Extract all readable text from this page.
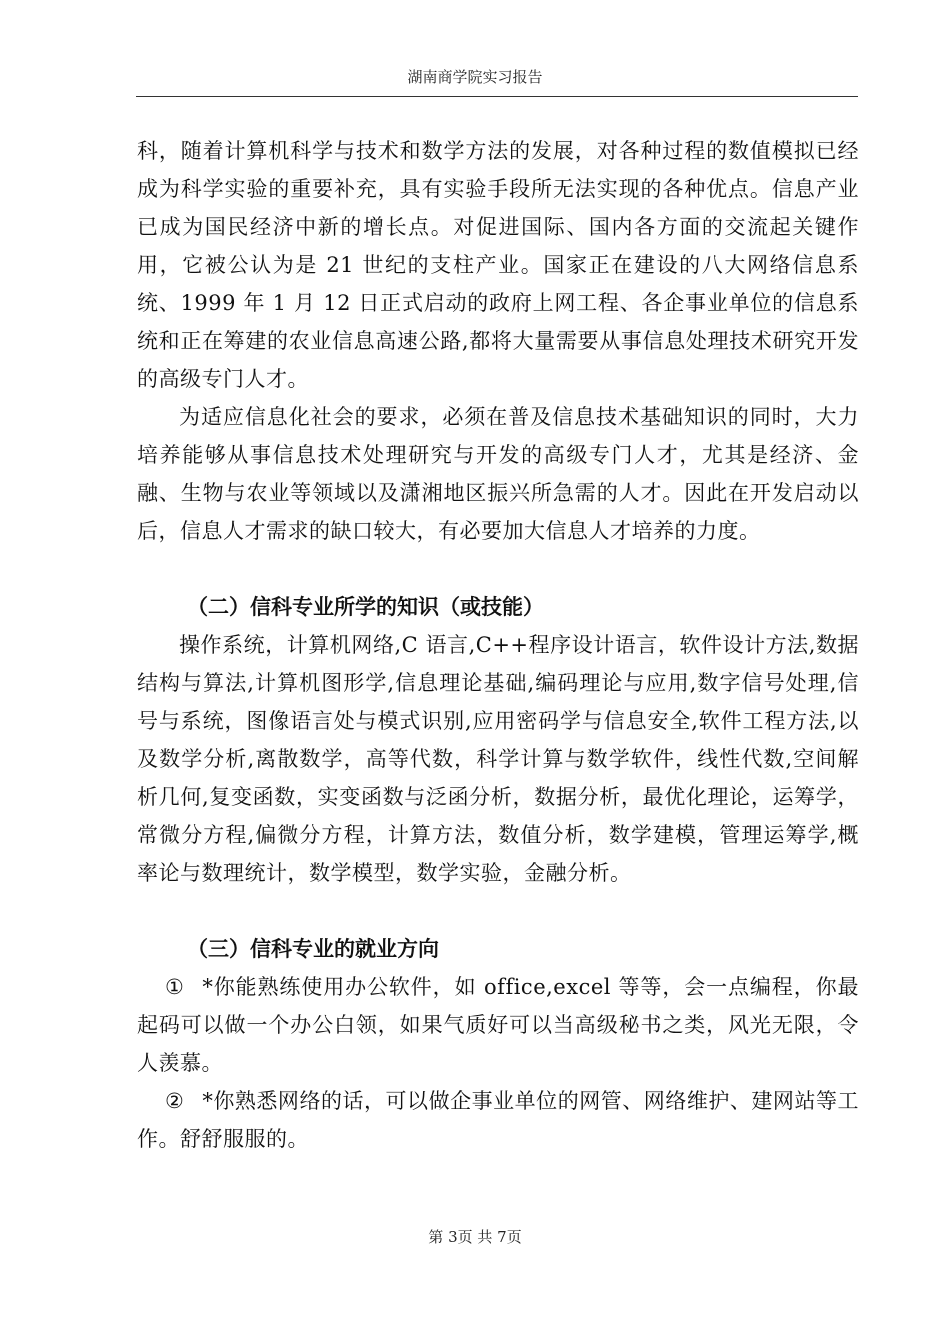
湖南商学院实习报告

科，随着计算机科学与技术和数学方法的发展，对各种过程的数值模拟已经成为科学实验的重要补充，具有实验手段所无法实现的各种优点。信息产业已成为国民经济中新的增长点。对促进国际、国内各方面的交流起关键作用，它被公认为是 21 世纪的支柱产业。国家正在建设的八大网络信息系统、1999 年 1 月 12 日正式启动的政府上网工程、各企事业单位的信息系统和正在筹建的农业信息高速公路,都将大量需要从事信息处理技术研究开发的高级专门人才。

为适应信息化社会的要求，必须在普及信息技术基础知识的同时，大力培养能够从事信息技术处理研究与开发的高级专门人才，尤其是经济、金融、生物与农业等领域以及潇湘地区振兴所急需的人才。因此在开发启动以后，信息人才需求的缺口较大，有必要加大信息人才培养的力度。

（二）信科专业所学的知识（或技能）

操作系统，计算机网络,C 语言,C++程序设计语言，软件设计方法,数据结构与算法,计算机图形学,信息理论基础,编码理论与应用,数字信号处理,信号与系统，图像语言处与模式识别,应用密码学与信息安全,软件工程方法,以及数学分析,离散数学，高等代数，科学计算与数学软件，线性代数,空间解析几何,复变函数，实变函数与泛函分析，数据分析，最优化理论，运筹学，常微分方程,偏微分方程，计算方法，数值分析，数学建模，管理运筹学,概率论与数理统计，数学模型，数学实验，金融分析。

（三）信科专业的就业方向

① *你能熟练使用办公软件，如 office,excel 等等，会一点编程，你最起码可以做一个办公白领，如果气质好可以当高级秘书之类，风光无限，令人羡慕。

② *你熟悉网络的话，可以做企事业单位的网管、网络维护、建网站等工作。舒舒服服的。

第 3页 共 7页
